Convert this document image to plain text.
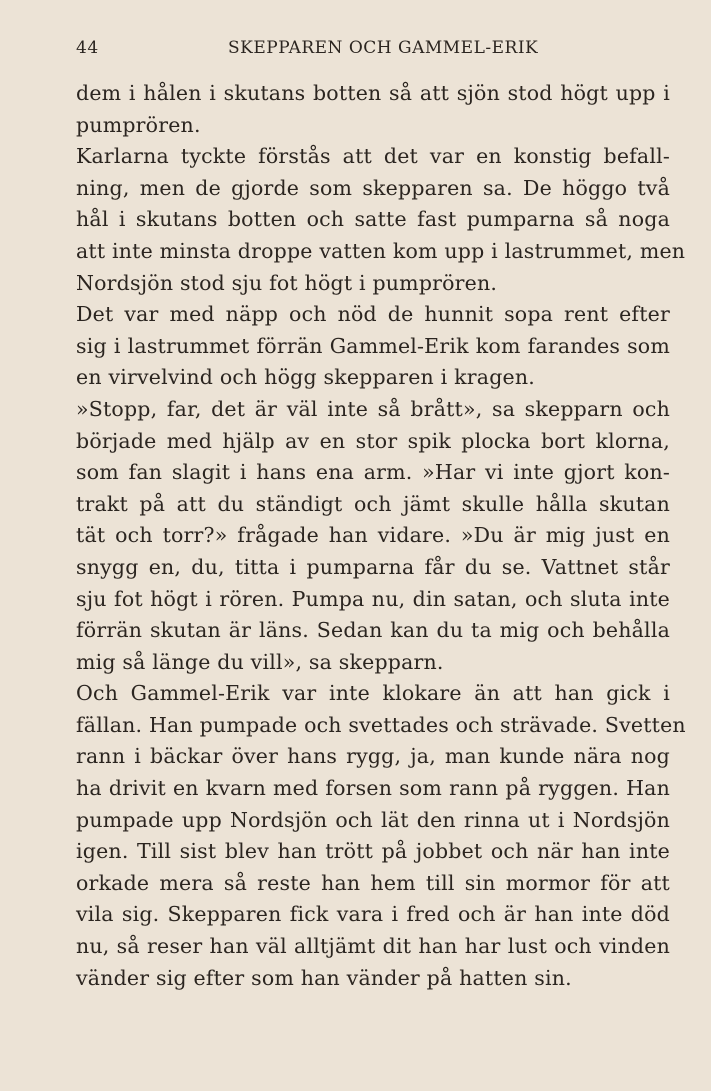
44	SKEPPAREN OCH GAMMEL-ERIK
dem i hålen i skutans botten så att sjön stod högt upp i
pumprören.
Karlarna tyckte förstås att det var en konstig befall-
ning, men de gjorde som skepparen sa. De höggo två
hål i skutans botten och satte fast pumparna så noga
att inte minsta droppe vatten kom upp i lastrummet, men
Nordsjön stod sju fot högt i pumprören.
Det var med näpp och nöd de hunnit sopa rent efter
sig i lastrummet förrän Gammel-Erik kom farandes som
en virvelvind och högg skepparen i kragen.
»Stopp, far, det är väl inte så brått», sa skepparn och
började med hjälp av en stor spik plocka bort klorna,
som fan slagit i hans ena arm. »Har vi inte gjort kon-
trakt på att du ständigt och jämt skulle hålla skutan
tät och torr?» frågade han vidare. »Du är mig just en
snygg en, du, titta i pumparna får du se. Vattnet står
sju fot högt i rören. Pumpa nu, din satan, och sluta inte
förrän skutan är läns. Sedan kan du ta mig och behålla
mig så länge du vill», sa skepparn.
Och Gammel-Erik var inte klokare än att han gick i
fällan. Han pumpade och svettades och strävade. Svetten
rann i bäckar över hans rygg, ja, man kunde nära nog
ha drivit en kvarn med forsen som rann på ryggen. Han
pumpade upp Nordsjön och lät den rinna ut i Nordsjön
igen. Till sist blev han trött på jobbet och när han inte
orkade mera så reste han hem till sin mormor för att
vila sig. Skepparen fick vara i fred och är han inte död
nu, så reser han väl alltjämt dit han har lust och vinden
vänder sig efter som han vänder på hatten sin.
